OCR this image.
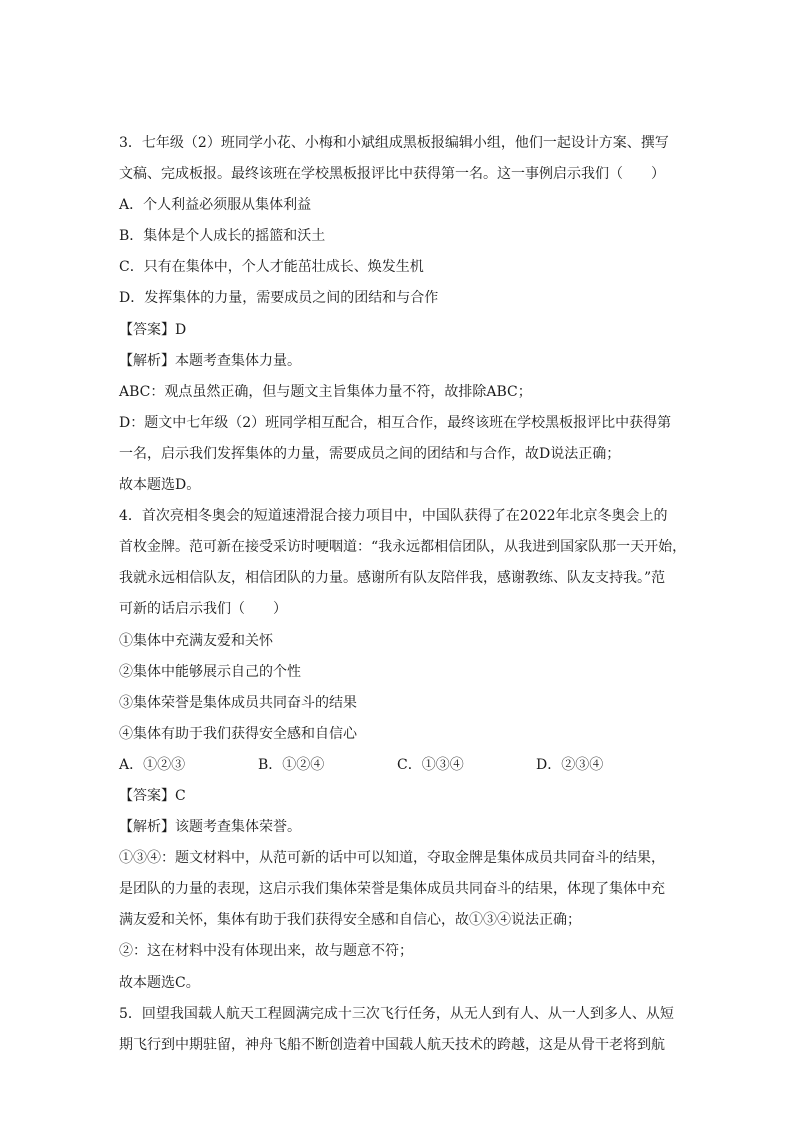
3．七年级（2）班同学小花、小梅和小斌组成黑板报编辑小组，他们一起设计方案、撰写
文稿、完成板报。最终该班在学校黑板报评比中获得第一名。这一事例启示我们（　　）
A．个人利益必须服从集体利益
B．集体是个人成长的摇篮和沃土
C．只有在集体中，个人才能茁壮成长、焕发生机
D．发挥集体的力量，需要成员之间的团结和与合作
【答案】D
【解析】本题考查集体力量。
ABC：观点虽然正确，但与题文主旨集体力量不符，故排除ABC；
D：题文中七年级（2）班同学相互配合，相互合作，最终该班在学校黑板报评比中获得第
一名，启示我们发挥集体的力量，需要成员之间的团结和与合作，故D说法正确；
故本题选D。
4．首次亮相冬奥会的短道速滑混合接力项目中，中国队获得了在2022年北京冬奥会上的
首枚金牌。范可新在接受采访时哽咽道：“我永远都相信团队，从我进到国家队那一天开始，
我就永远相信队友，相信团队的力量。感谢所有队友陪伴我，感谢教练、队友支持我。”范
可新的话启示我们（　　）
①集体中充满友爱和关怀
②集体中能够展示自己的个性
③集体荣誉是集体成员共同奋斗的结果
④集体有助于我们获得安全感和自信心
A．①②③	B．①②④	C．①③④	D．②③④
【答案】C
【解析】该题考查集体荣誉。
①③④：题文材料中，从范可新的话中可以知道，夺取金牌是集体成员共同奋斗的结果，
是团队的力量的表现，这启示我们集体荣誉是集体成员共同奋斗的结果，体现了集体中充
满友爱和关怀，集体有助于我们获得安全感和自信心，故①③④说法正确；
②：这在材料中没有体现出来，故与题意不符；
故本题选C。
5．回望我国载人航天工程圆满完成十三次飞行任务，从无人到有人、从一人到多人、从短
期飞行到中期驻留，神舟飞船不断创造着中国载人航天技术的跨越，这是从骨干老将到航
